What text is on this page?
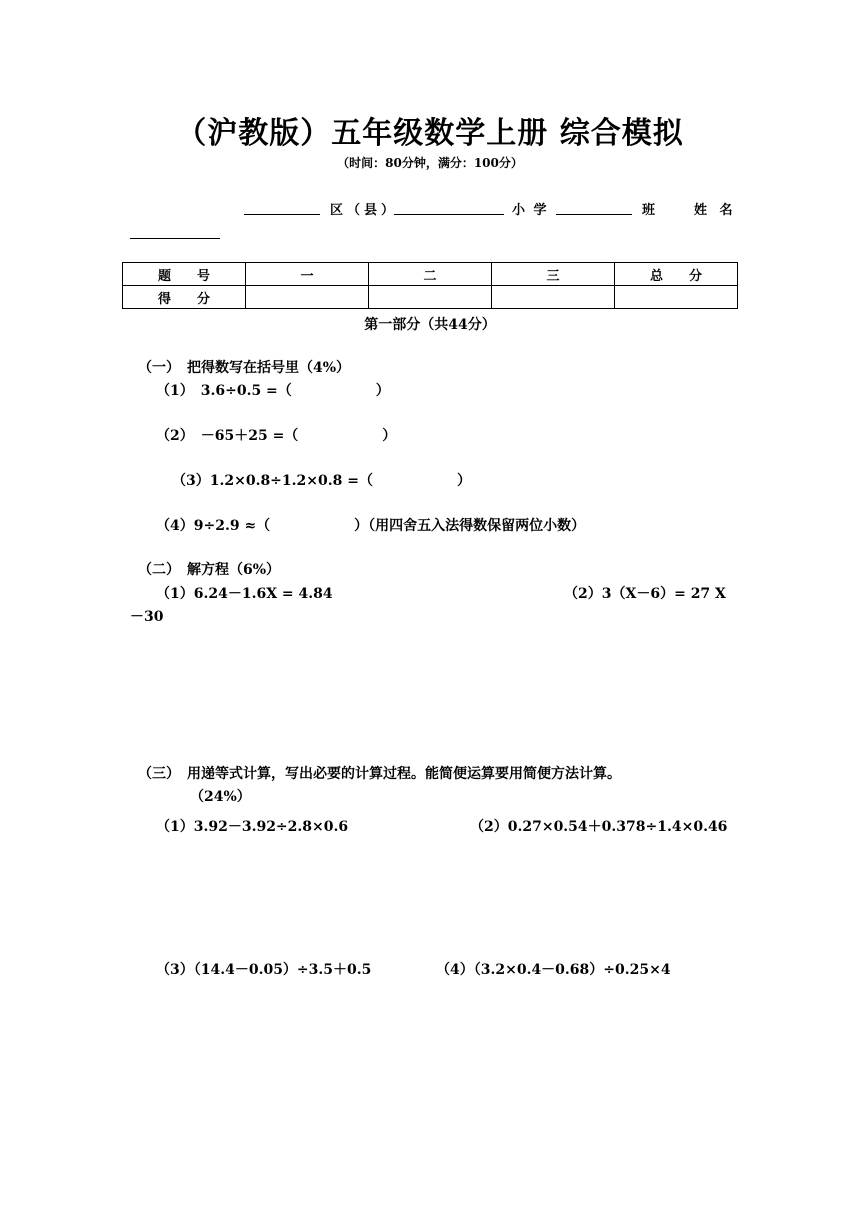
（沪教版）五年级数学上册 综合模拟
（时间：80分钟，满分：100分）
区（县）	小 学	班	姓 名
题　　号	一	二	三	总　　分
得　　分				
第一部分（共44分）
（一）　把得数写在括号里（4%）
（1）　3.6÷0.5 =（　　　　　　）
（2）　－65＋25 =（　　　　　　）
（3）1.2×0.8÷1.2×0.8 =（　　　　　　）
（4）9÷2.9 ≈（　　　　　　）（用四舍五入法得数保留两位小数）
（二）　解方程（6%）
（1）6.24－1.6X = 4.84	（2）3（X－6）= 27 X
－30
（三）　用递等式计算，写出必要的计算过程。能简便运算要用简便方法计算。
（24%）
（1）3.92－3.92÷2.8×0.6	（2）0.27×0.54＋0.378÷1.4×0.46
（3）（14.4－0.05）÷3.5＋0.5	（4）（3.2×0.4－0.68）÷0.25×4
